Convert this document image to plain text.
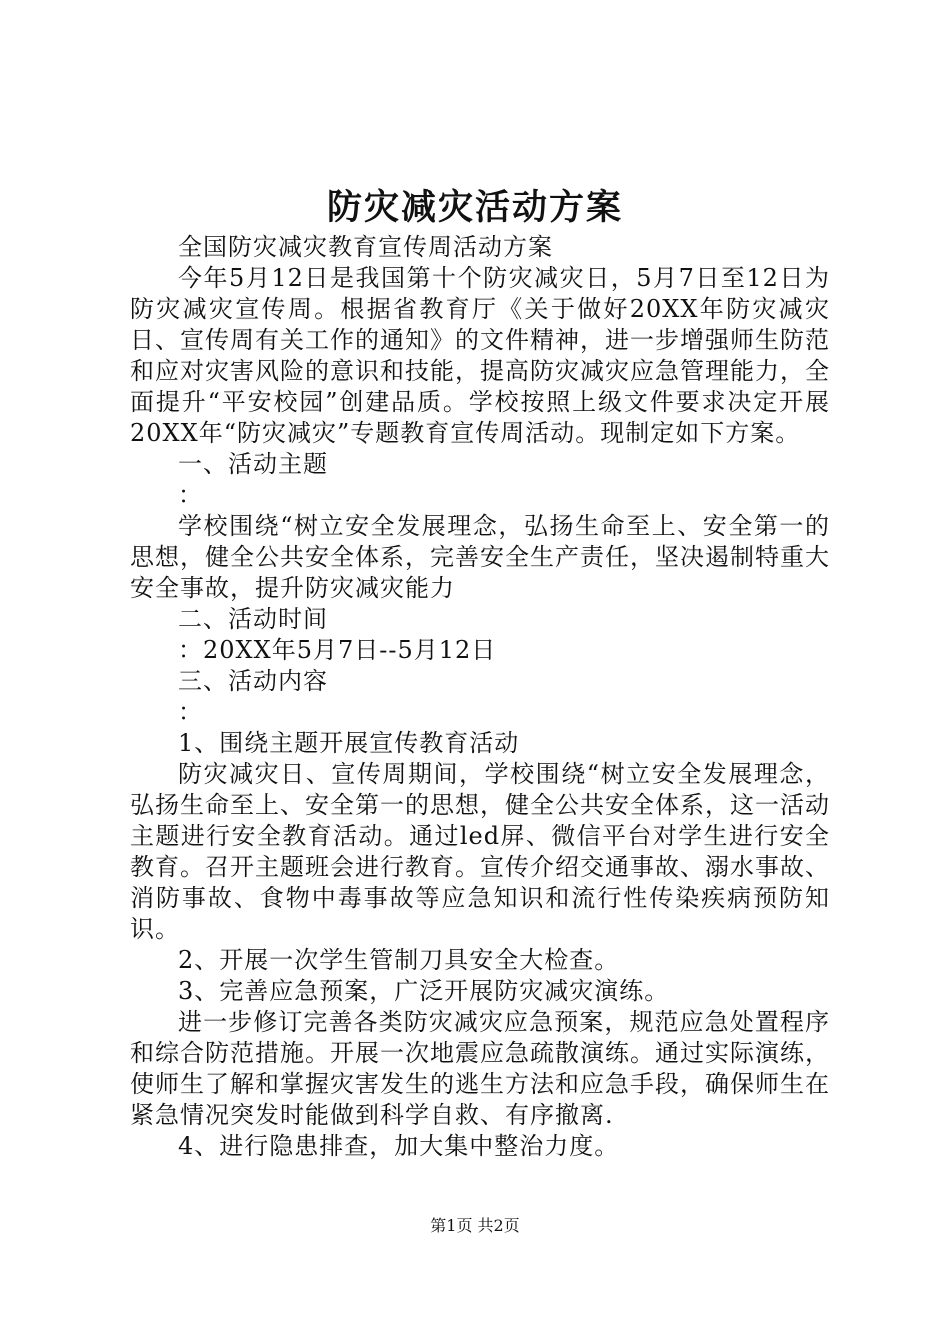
防灾减灾活动方案

全国防灾减灾教育宣传周活动方案

今年5月12日是我国第十个防灾减灾日，5月7日至12日为防灾减灾宣传周。根据省教育厅《关于做好20XX年防灾减灾日、宣传周有关工作的通知》的文件精神，进一步增强师生防范和应对灾害风险的意识和技能，提高防灾减灾应急管理能力，全面提升“平安校园”创建品质。学校按照上级文件要求决定开展20XX年“防灾减灾”专题教育宣传周活动。现制定如下方案。

一、活动主题

：

学校围绕“树立安全发展理念，弘扬生命至上、安全第一的思想，健全公共安全体系，完善安全生产责任，坚决遏制特重大安全事故，提升防灾减灾能力

二、活动时间

：20XX年5月7日--5月12日

三、活动内容

：

1、围绕主题开展宣传教育活动

防灾减灾日、宣传周期间，学校围绕“树立安全发展理念，弘扬生命至上、安全第一的思想，健全公共安全体系，这一活动主题进行安全教育活动。通过led屏、微信平台对学生进行安全教育。召开主题班会进行教育。宣传介绍交通事故、溺水事故、消防事故、食物中毒事故等应急知识和流行性传染疾病预防知识。

2、开展一次学生管制刀具安全大检查。

3、完善应急预案，广泛开展防灾减灾演练。

进一步修订完善各类防灾减灾应急预案，规范应急处置程序和综合防范措施。开展一次地震应急疏散演练。通过实际演练，使师生了解和掌握灾害发生的逃生方法和应急手段，确保师生在紧急情况突发时能做到科学自救、有序撤离.

4、进行隐患排查，加大集中整治力度。

第1页 共2页
